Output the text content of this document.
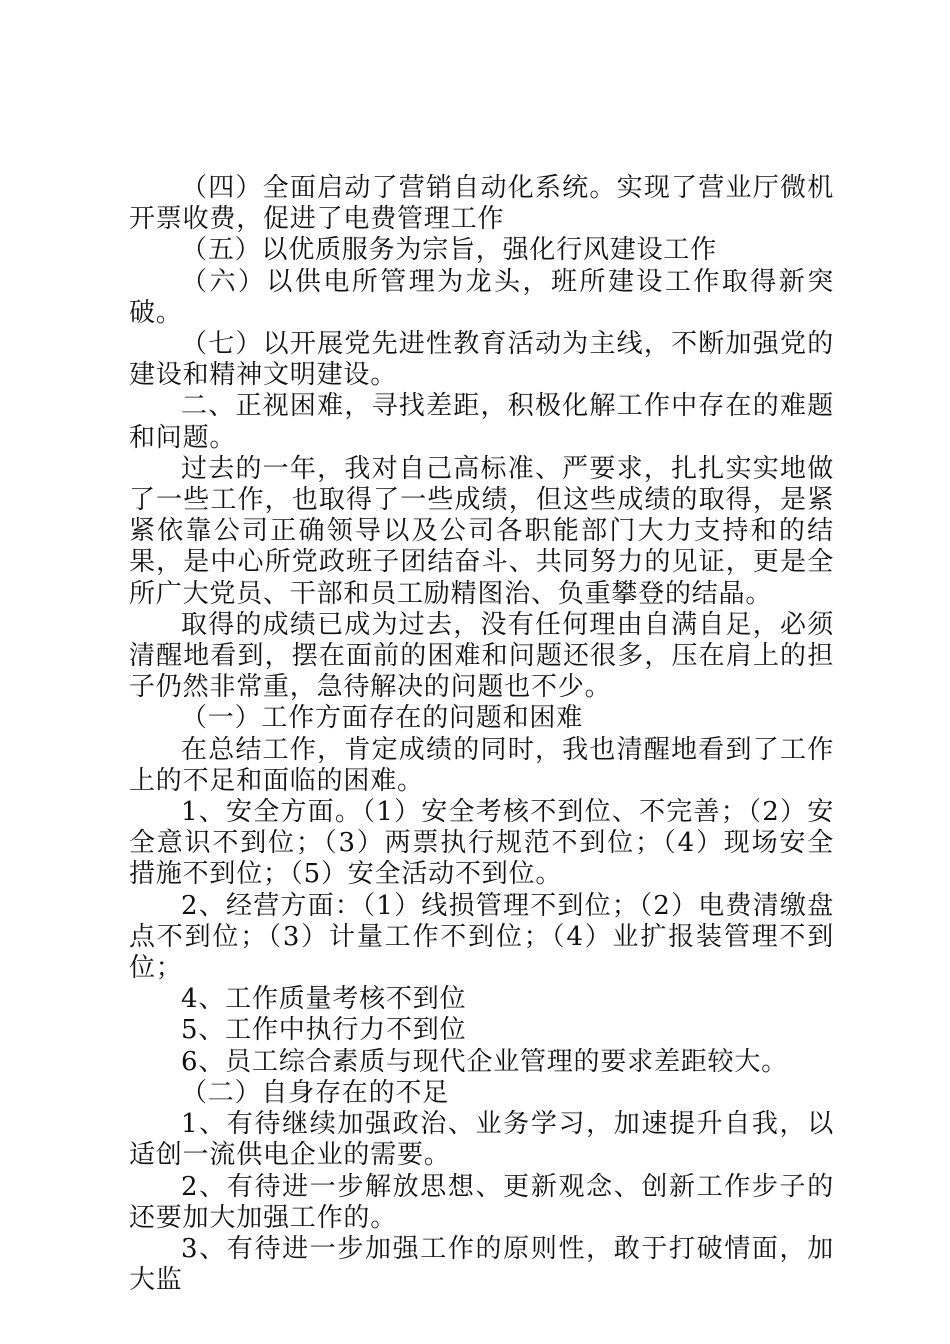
（四）全面启动了营销自动化系统。实现了营业厅微机开票收费，促进了电费管理工作

（五）以优质服务为宗旨，强化行风建设工作

（六）以供电所管理为龙头，班所建设工作取得新突破。

（七）以开展党先进性教育活动为主线，不断加强党的建设和精神文明建设。

二、正视困难，寻找差距，积极化解工作中存在的难题和问题。

过去的一年，我对自己高标准、严要求，扎扎实实地做了一些工作，也取得了一些成绩，但这些成绩的取得，是紧紧依靠公司正确领导以及公司各职能部门大力支持和的结果，是中心所党政班子团结奋斗、共同努力的见证，更是全所广大党员、干部和员工励精图治、负重攀登的结晶。

取得的成绩已成为过去，没有任何理由自满自足，必须清醒地看到，摆在面前的困难和问题还很多，压在肩上的担子仍然非常重，急待解决的问题也不少。

（一）工作方面存在的问题和困难

在总结工作，肯定成绩的同时，我也清醒地看到了工作上的不足和面临的困难。

1、安全方面。（1）安全考核不到位、不完善；（2）安全意识不到位；（3）两票执行规范不到位；（4）现场安全措施不到位；（5）安全活动不到位。

2、经营方面：（1）线损管理不到位；（2）电费清缴盘点不到位；（3）计量工作不到位；（4）业扩报装管理不到位；

4、工作质量考核不到位

5、工作中执行力不到位

6、员工综合素质与现代企业管理的要求差距较大。

（二）自身存在的不足

1、有待继续加强政治、业务学习，加速提升自我，以适创一流供电企业的需要。

2、有待进一步解放思想、更新观念、创新工作步子的还要加大加强工作的。

3、有待进一步加强工作的原则性，敢于打破情面，加大监
